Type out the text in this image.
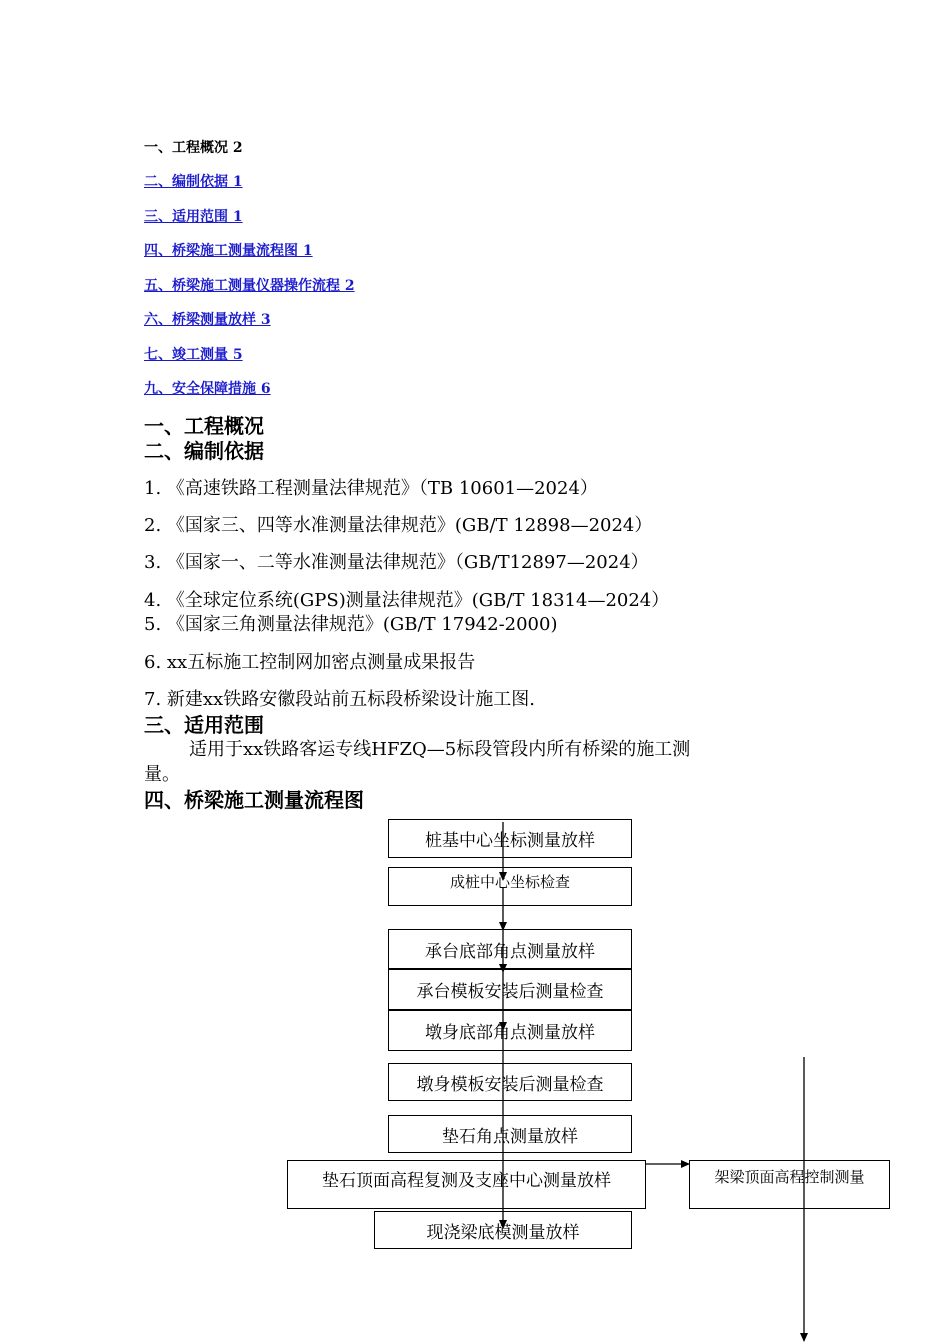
一、工程概况 2
二、编制依据 1
三、适用范围 1
四、桥梁施工测量流程图 1
五、桥梁施工测量仪器操作流程 2
六、桥梁测量放样 3
七、竣工测量 5
九、安全保障措施 6
一、工程概况
二、编制依据
1. 《高速铁路工程测量法律规范》（TB 10601—2024）
2. 《国家三、四等水准测量法律规范》(GB/T 12898—2024）
3. 《国家一、二等水准测量法律规范》（GB/T12897—2024）
4. 《全球定位系统(GPS)测量法律规范》(GB/T 18314—2024）
5. 《国家三角测量法律规范》(GB/T 17942-2000)
6. xx五标施工控制网加密点测量成果报告
7. 新建xx铁路安徽段站前五标段桥梁设计施工图.
三、适用范围
适用于xx铁路客运专线HFZQ—5标段管段内所有桥梁的施工测
量。
四、桥梁施工测量流程图
桩基中心坐标测量放样
成桩中心坐标检查
承台底部角点测量放样
承台模板安装后测量检查
墩身底部角点测量放样
墩身模板安装后测量检查
垫石角点测量放样
垫石顶面高程复测及支座中心测量放样
现浇梁底模测量放样
架梁顶面高程控制测量
